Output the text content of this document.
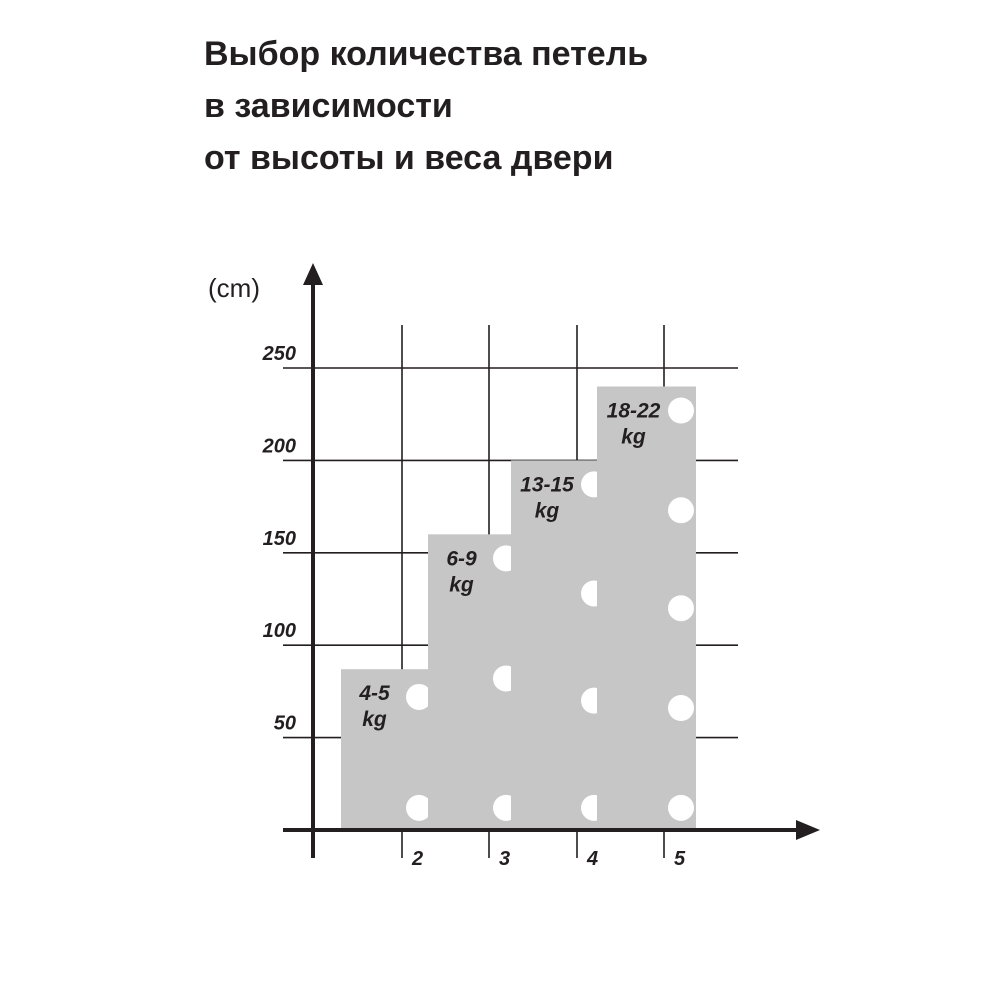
Выбор количества петель
в зависимости
от высоты и веса двери
50
100
150
200
250
2	3	4	5
4-5
kg
6-9
kg
13-15
kg
18-22
kg
(cm)
